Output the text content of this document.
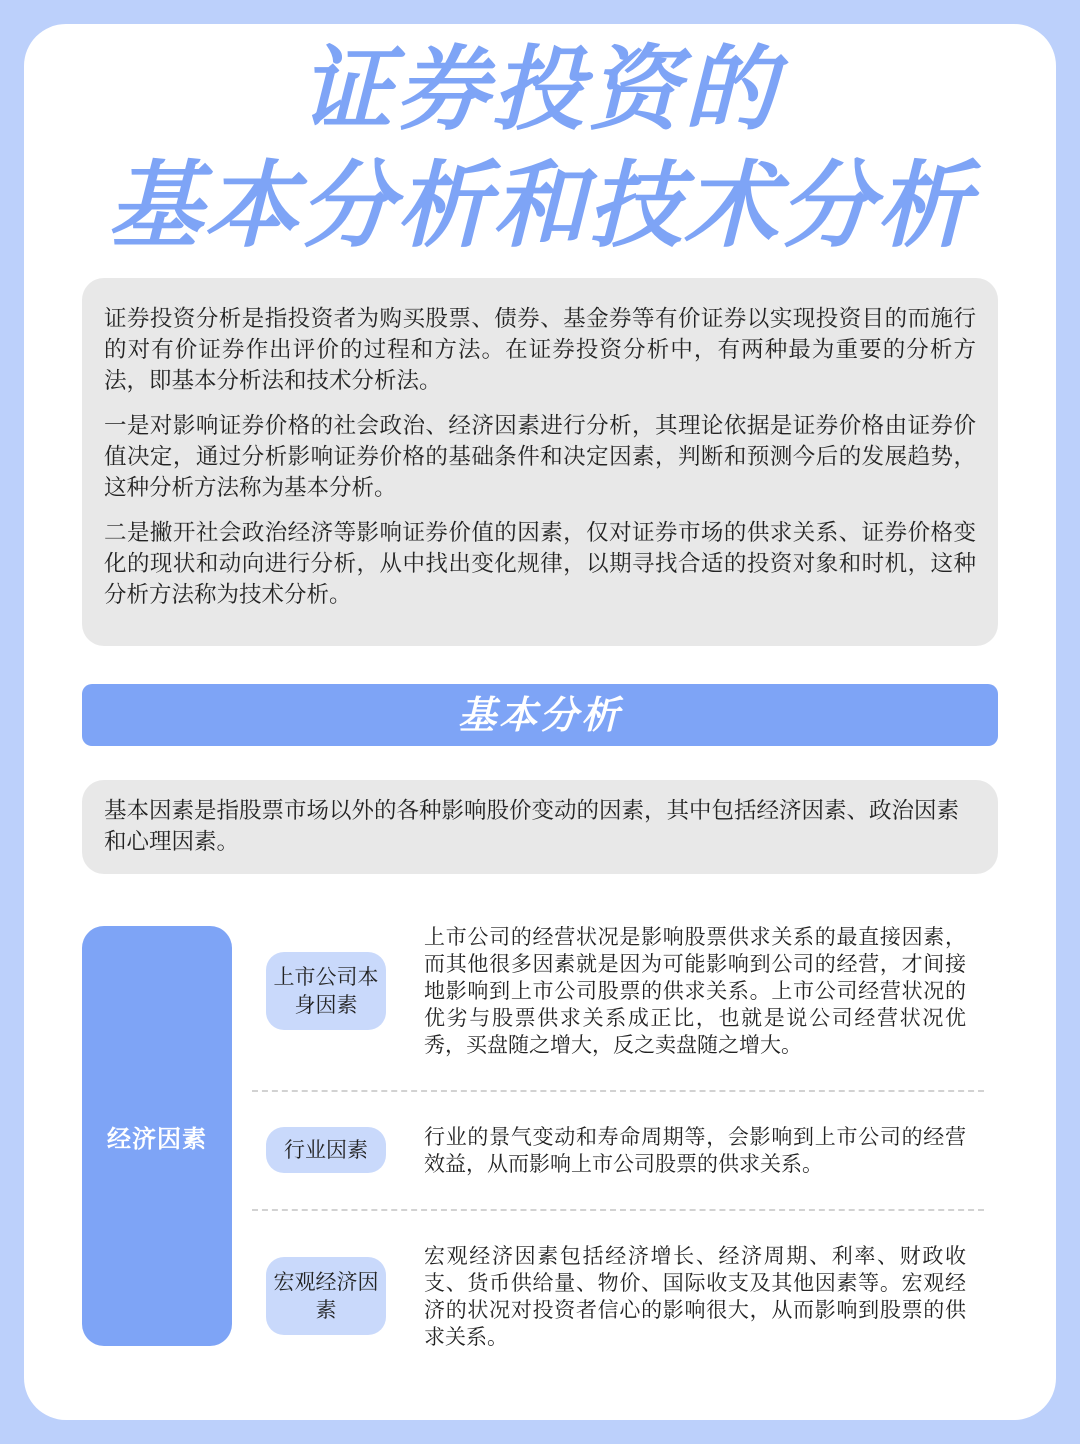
证券投资的
基本分析和技术分析

证券投资分析是指投资者为购买股票、债券、基金券等有价证券以实现投资目的而施行的对有价证券作出评价的过程和方法。在证券投资分析中，有两种最为重要的分析方法，即基本分析法和技术分析法。

一是对影响证券价格的社会政治、经济因素进行分析，其理论依据是证券价格由证券价值决定，通过分析影响证券价格的基础条件和决定因素，判断和预测今后的发展趋势，这种分析方法称为基本分析。

二是撇开社会政治经济等影响证券价值的因素，仅对证券市场的供求关系、证券价格变化的现状和动向进行分析，从中找出变化规律，以期寻找合适的投资对象和时机，这种分析方法称为技术分析。

基本分析

基本因素是指股票市场以外的各种影响股价变动的因素，其中包括经济因素、政治因素和心理因素。

经济因素
上市公司本身因素

上市公司的经营状况是影响股票供求关系的最直接因素，而其他很多因素就是因为可能影响到公司的经营，才间接地影响到上市公司股票的供求关系。上市公司经营状况的优劣与股票供求关系成正比，也就是说公司经营状况优秀，买盘随之增大，反之卖盘随之增大。

行业因素

行业的景气变动和寿命周期等，会影响到上市公司的经营效益，从而影响上市公司股票的供求关系。

宏观经济因素

宏观经济因素包括经济增长、经济周期、利率、财政收支、货币供给量、物价、国际收支及其他因素等。宏观经济的状况对投资者信心的影响很大，从而影响到股票的供求关系。
